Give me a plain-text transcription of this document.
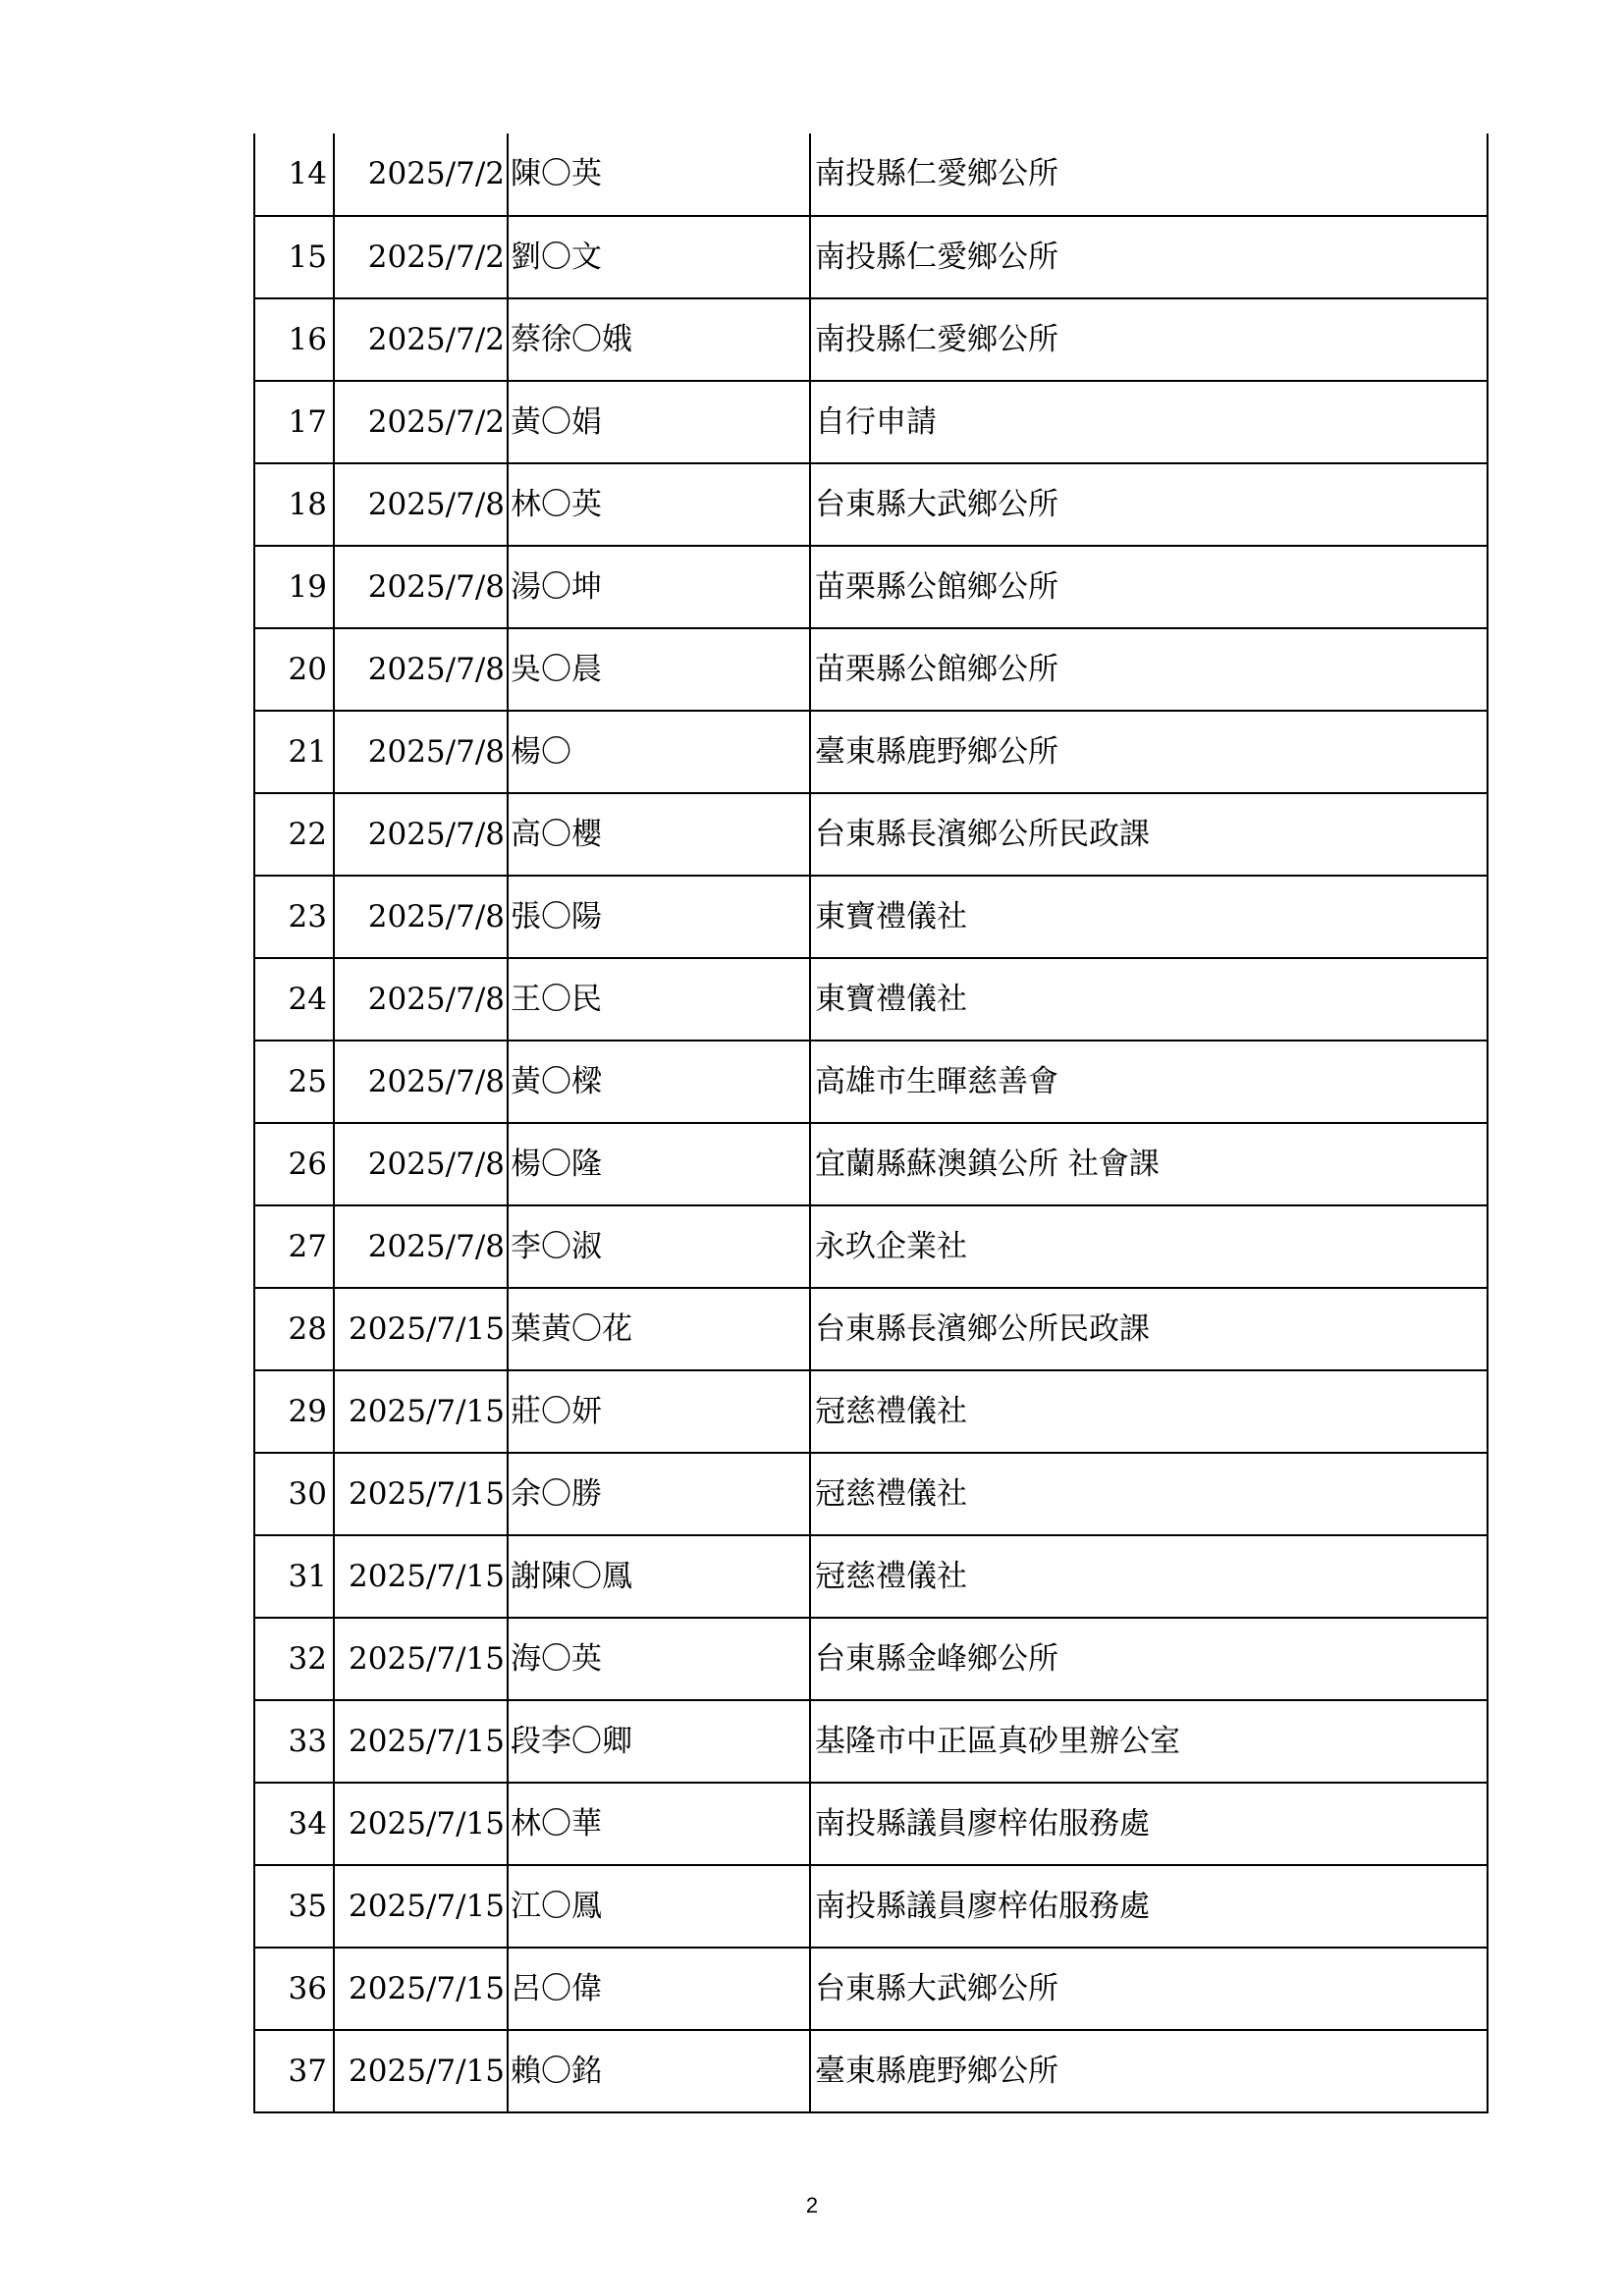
14	2025/7/2	陳〇英	南投縣仁愛鄉公所
15	2025/7/2	劉〇文	南投縣仁愛鄉公所
16	2025/7/2	蔡徐〇娥	南投縣仁愛鄉公所
17	2025/7/2	黃〇娟	自行申請
18	2025/7/8	林〇英	台東縣大武鄉公所
19	2025/7/8	湯〇坤	苗栗縣公館鄉公所
20	2025/7/8	吳〇晨	苗栗縣公館鄉公所
21	2025/7/8	楊〇	臺東縣鹿野鄉公所
22	2025/7/8	高〇櫻	台東縣長濱鄉公所民政課
23	2025/7/8	張〇陽	東寶禮儀社
24	2025/7/8	王〇民	東寶禮儀社
25	2025/7/8	黃〇樑	高雄市生暉慈善會
26	2025/7/8	楊〇隆	宜蘭縣蘇澳鎮公所 社會課
27	2025/7/8	李〇淑	永玖企業社
28	2025/7/15	葉黃〇花	台東縣長濱鄉公所民政課
29	2025/7/15	莊〇妍	冠慈禮儀社
30	2025/7/15	余〇勝	冠慈禮儀社
31	2025/7/15	謝陳〇鳳	冠慈禮儀社
32	2025/7/15	海〇英	台東縣金峰鄉公所
33	2025/7/15	段李〇卿	基隆市中正區真砂里辦公室
34	2025/7/15	林〇華	南投縣議員廖梓佑服務處
35	2025/7/15	江〇鳳	南投縣議員廖梓佑服務處
36	2025/7/15	呂〇偉	台東縣大武鄉公所
37	2025/7/15	賴〇銘	臺東縣鹿野鄉公所
2
